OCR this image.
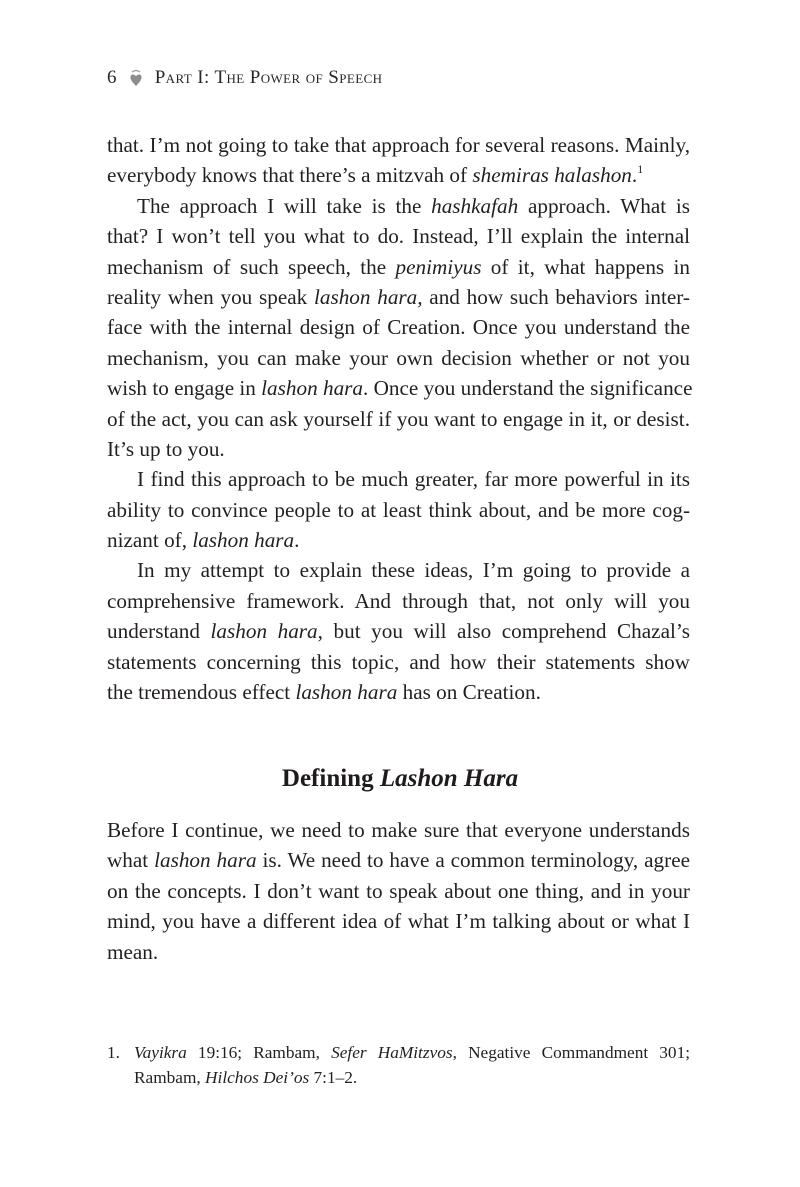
6 Part I: The Power of Speech
that. I’m not going to take that approach for several reasons. Mainly,
everybody knows that there’s a mitzvah of shemiras halashon.$^1$
The approach I will take is the hashkafah approach. What is
that? I won’t tell you what to do. Instead, I’ll explain the internal
mechanism of such speech, the penimiyus of it, what happens in
reality when you speak lashon hara, and how such behaviors inter-
face with the internal design of Creation. Once you understand the
mechanism, you can make your own decision whether or not you
wish to engage in lashon hara. Once you understand the significance
of the act, you can ask yourself if you want to engage in it, or desist.
It’s up to you.
I find this approach to be much greater, far more powerful in its
ability to convince people to at least think about, and be more cog-
nizant of, lashon hara.
In my attempt to explain these ideas, I’m going to provide a
comprehensive framework. And through that, not only will you
understand lashon hara, but you will also comprehend Chazal’s
statements concerning this topic, and how their statements show
the tremendous effect lashon hara has on Creation.
Defining Lashon Hara
Before I continue, we need to make sure that everyone understands
what lashon hara is. We need to have a common terminology, agree
on the concepts. I don’t want to speak about one thing, and in your
mind, you have a different idea of what I’m talking about or what I
mean.
1. Vayikra 19:16; Rambam, Sefer HaMitzvos, Negative Commandment 301;
Rambam, Hilchos Dei’os 7:1–2.
